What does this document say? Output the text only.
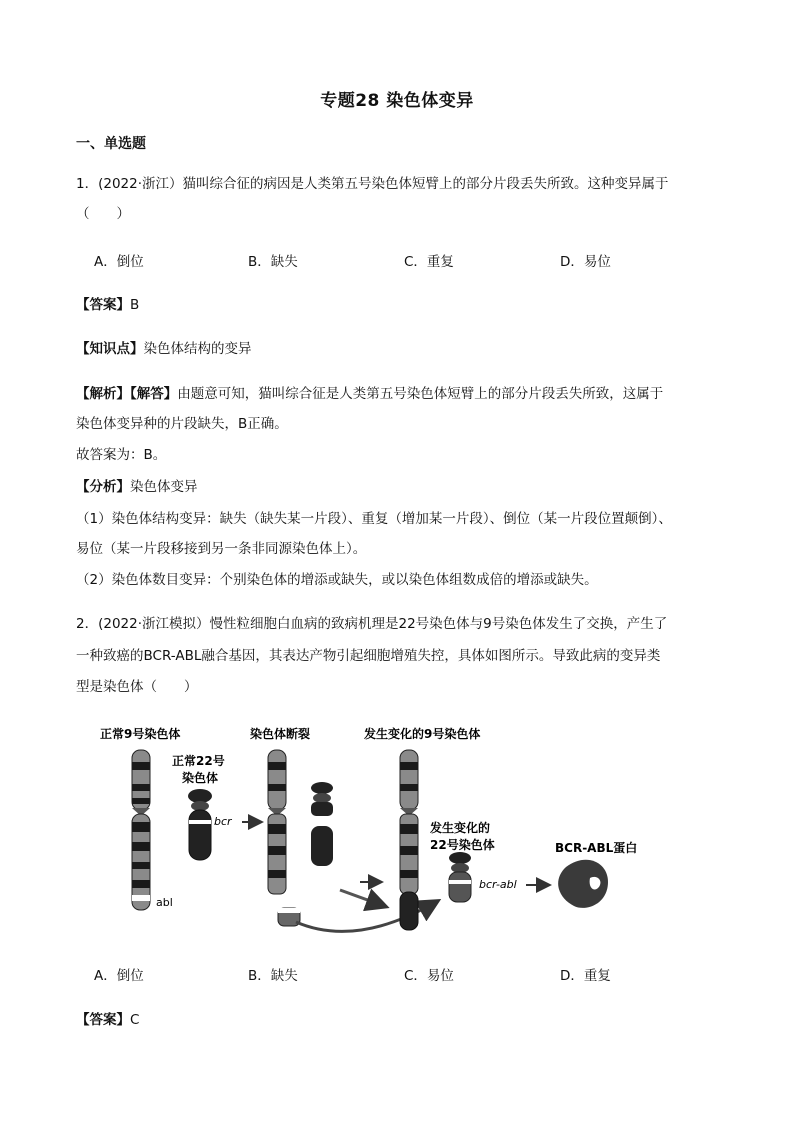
专题28 染色体变异
一、单选题
1．(2022·浙江）猫叫综合征的病因是人类第五号染色体短臂上的部分片段丢失所致。这种变异属于
（　　）
A．倒位	B．缺失	C．重复	D．易位
【答案】B
【知识点】染色体结构的变异
【解析】【解答】由题意可知，猫叫综合征是人类第五号染色体短臂上的部分片段丢失所致，这属于
染色体变异种的片段缺失，B正确。
故答案为：B。
【分析】染色体变异
（1）染色体结构变异：缺失（缺失某一片段）、重复（增加某一片段）、倒位（某一片段位置颠倒）、
易位（某一片段移接到另一条非同源染色体上）。
（2）染色体数目变异：个别染色体的增添或缺失，或以染色体组数成倍的增添或缺失。
2．(2022·浙江模拟）慢性粒细胞白血病的致病机理是22号染色体与9号染色体发生了交换，产生了
一种致癌的BCR-ABL融合基因，其表达产物引起细胞增殖失控，具体如图所示。导致此病的变异类
型是染色体（　　）
正常9号染色体
正常22号
染色体
染色体断裂	发生变化的9号染色体
发生变化的
22号染色体	BCR-ABL蛋白
abl
bcr
bcr-abl
A．倒位	B．缺失	C．易位	D．重复
【答案】C
